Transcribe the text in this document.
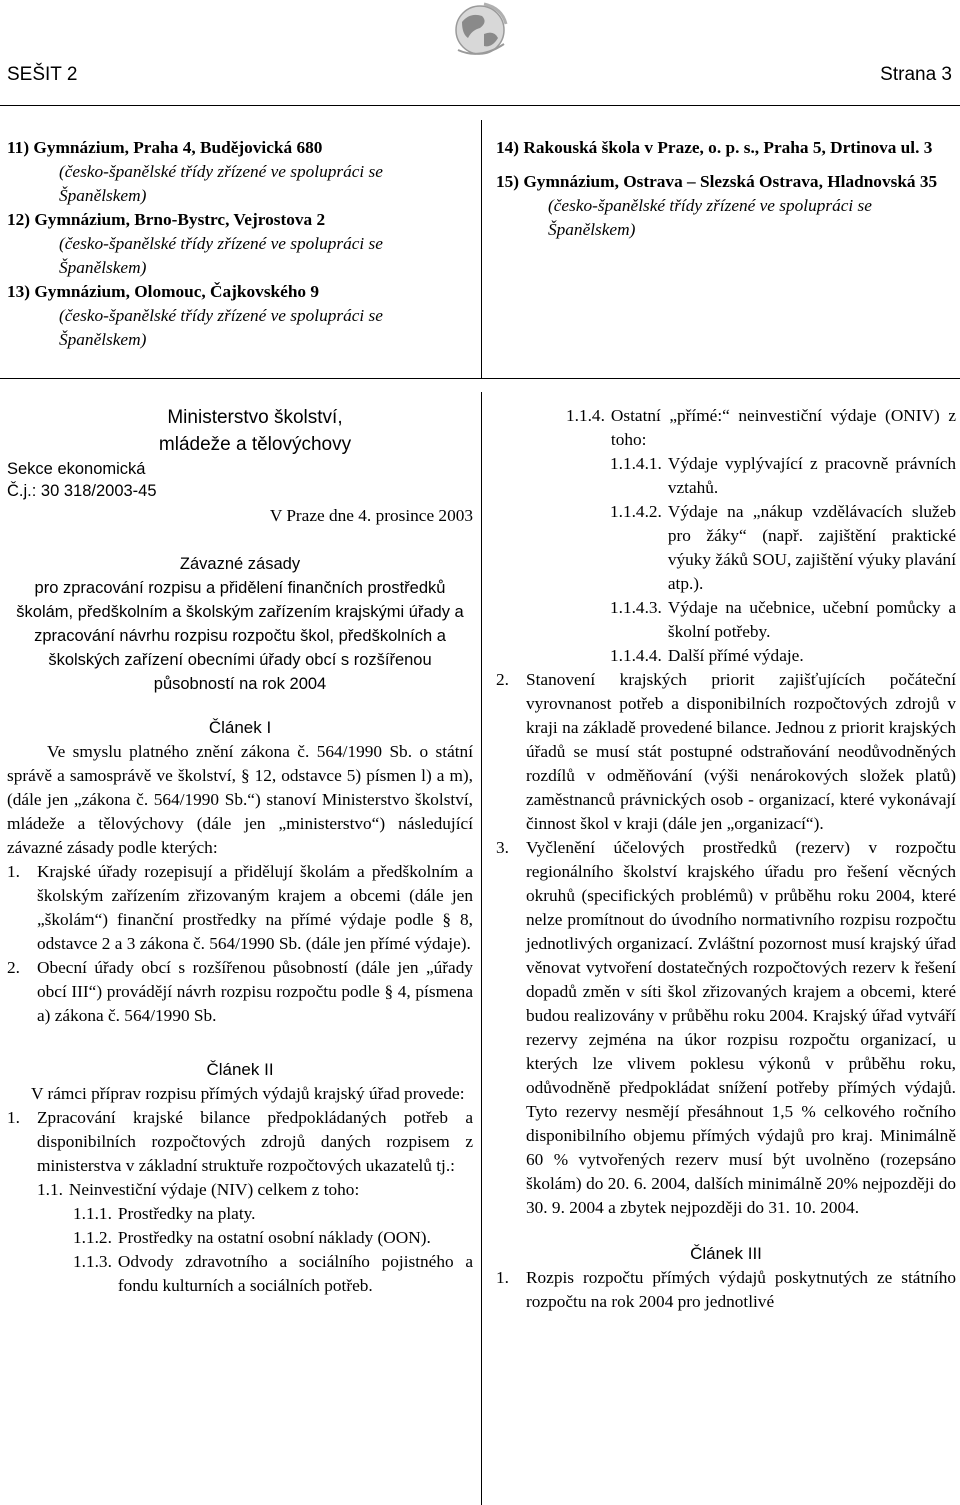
SEŠIT 2	Strana 3
11) Gymnázium, Praha 4, Budějovická 680
(česko-španělské třídy zřízené ve spolupráci se Španělskem)
12) Gymnázium, Brno-Bystrc, Vejrostova 2
(česko-španělské třídy zřízené ve spolupráci se Španělskem)
13) Gymnázium, Olomouc, Čajkovského 9
(česko-španělské třídy zřízené ve spolupráci se Španělskem)
14) Rakouská škola v Praze, o. p. s., Praha 5, Drtinova ul. 3
15) Gymnázium, Ostrava – Slezská Ostrava, Hladnovská 35
(česko-španělské třídy zřízené ve spolupráci se Španělskem)
Ministerstvo školství,
mládeže a tělovýchovy
Sekce ekonomická
Č.j.: 30 318/2003-45
V Praze dne 4. prosince 2003
Závazné zásady
pro zpracování rozpisu a přidělení finančních prostředků školám, předškolním a školským zařízením krajskými úřady a zpracování návrhu rozpisu rozpočtu škol, předškolních a školských zařízení obecními úřady obcí s rozšířenou působností na rok 2004
Článek I

Ve smyslu platného znění zákona č. 564/1990 Sb. o státní správě a samosprávě ve školství, § 12, odstavce 5) písmen l) a m), (dále jen „zákona č. 564/1990 Sb.“) stanoví Ministerstvo školství, mládeže a tělovýchovy (dále jen „ministerstvo“) následující závazné zásady podle kterých:

1. Krajské úřady rozepisují a přidělují školám a předškolním a školským zařízením zřizovaným krajem a obcemi (dále jen „školám“) finanční prostředky na přímé výdaje podle § 8, odstavce 2 a 3 zákona č. 564/1990 Sb. (dále jen přímé výdaje).
2. Obecní úřady obcí s rozšířenou působností (dále jen „úřady obcí III“) provádějí návrh rozpisu rozpočtu podle § 4, písmena a) zákona č. 564/1990 Sb.
Článek II

V rámci příprav rozpisu přímých výdajů krajský úřad provede:

1. Zpracování krajské bilance předpokládaných potřeb a disponibilních rozpočtových zdrojů daných rozpisem z ministerstva v základní struktuře rozpočtových ukazatelů tj.:
1.1. Neinvestiční výdaje (NIV) celkem z toho:
1.1.1. Prostředky na platy.
1.1.2. Prostředky na ostatní osobní náklady (OON).
1.1.3. Odvody zdravotního a sociálního pojistného a fondu kulturních a sociálních potřeb.
1.1.4. Ostatní „přímé:“ neinvestiční výdaje (ONIV) z toho:
1.1.4.1. Výdaje vyplývající z pracovně právních vztahů.
1.1.4.2. Výdaje na „nákup vzdělávacích služeb pro žáky“ (např. zajištění praktické výuky žáků SOU, zajištění výuky plavání atp.).
1.1.4.3. Výdaje na učebnice, učební pomůcky a školní potřeby.
1.1.4.4. Další přímé výdaje.
2. Stanovení krajských priorit zajišťujících počáteční vyrovnanost potřeb a disponibilních rozpočtových zdrojů v kraji na základě provedené bilance. Jednou z priorit krajských úřadů se musí stát postupné odstraňování neodůvodněných rozdílů v odměňování (výši nenárokových složek platů) zaměstnanců právnických osob - organizací, které vykonávají činnost škol v kraji (dále jen „organizací“).
3. Vyčlenění účelových prostředků (rezerv) v rozpočtu regionálního školství krajského úřadu pro řešení věcných okruhů (specifických problémů) v průběhu roku 2004, které nelze promítnout do úvodního normativního rozpisu rozpočtu jednotlivých organizací. Zvláštní pozornost musí krajský úřad věnovat vytvoření dostatečných rozpočtových rezerv k řešení dopadů změn v síti škol zřizovaných krajem a obcemi, které budou realizovány v průběhu roku 2004. Krajský úřad vytváří rezervy zejména na úkor rozpisu rozpočtu organizací, u kterých lze vlivem poklesu výkonů v průběhu roku, odůvodněně předpokládat snížení potřeby přímých výdajů. Tyto rezervy nesmějí přesáhnout 1,5 % celkového ročního disponibilního objemu přímých výdajů pro kraj. Minimálně 60 % vytvořených rezerv musí být uvolněno (rozepsáno školám) do 20. 6. 2004, dalších minimálně 20% nejpozději do 30. 9. 2004 a zbytek nejpozději do 31. 10. 2004.
Článek III
1. Rozpis rozpočtu přímých výdajů poskytnutých ze státního rozpočtu na rok 2004 pro jednotlivé
